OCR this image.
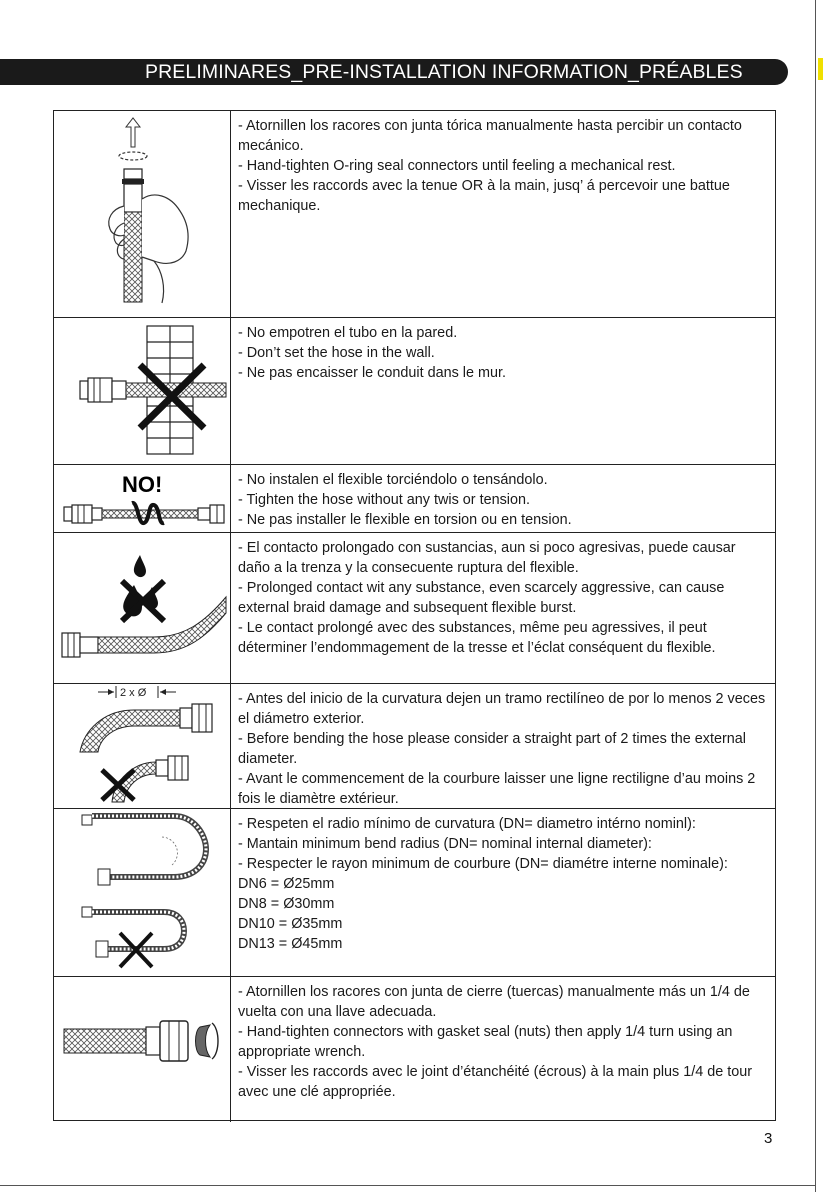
PRELIMINARES_PRE-INSTALLATION INFORMATION_PRÉABLES

- Atornillen los racores con junta tórica manualmente hasta percibir un contacto mecánico.

- Hand-tighten O-ring seal connectors until feeling a mechanical rest.

- Visser les raccords avec la tenue OR à la main, jusq’ á percevoir une battue mechanique.

- No empotren el tubo en la pared.

- Don’t set the hose in the wall.

- Ne pas encaisser le conduit dans le mur.

NO!	- No instalen el flexible torciéndolo o tensándolo.

- Tighten the hose without any twis or tension.

- Ne pas installer le flexible en torsion ou en tension.

- El contacto prolongado con sustancias, aun si poco agresivas, puede causar daño a la trenza y la consecuente ruptura del flexible.

- Prolonged contact wit any substance, even scarcely aggressive, can cause external braid damage and subsequent flexible burst.

- Le contact prolongé avec des substances, même peu agressives, il peut déterminer l’endommagement de la tresse et l’éclat conséquent du flexible.

2 x Ø	- Antes del inicio de la curvatura dejen un tramo rectilíneo de por lo menos 2 veces el diámetro exterior.

- Before bending the hose please consider a straight part of 2 times the external diameter.

- Avant le commencement de la courbure laisser une ligne rectiligne d’au moins 2 fois le diamètre extérieur.

- Respeten el radio mínimo de curvatura (DN= diametro intérno nominl):

- Mantain minimum bend radius (DN= nominal internal diameter):

- Respecter le rayon minimum de courbure (DN= diamétre interne nominale):

DN6 = Ø25mm

DN8 = Ø30mm

DN10 = Ø35mm

DN13 = Ø45mm

- Atornillen los racores con junta de cierre (tuercas) manualmente más un 1/4 de vuelta con una llave adecuada.

- Hand-tighten connectors with gasket seal (nuts) then apply 1/4 turn using an appropriate wrench.

- Visser les raccords avec le joint d’étanchéité (écrous) à la main plus 1/4 de tour avec une clé appropriée.

3
